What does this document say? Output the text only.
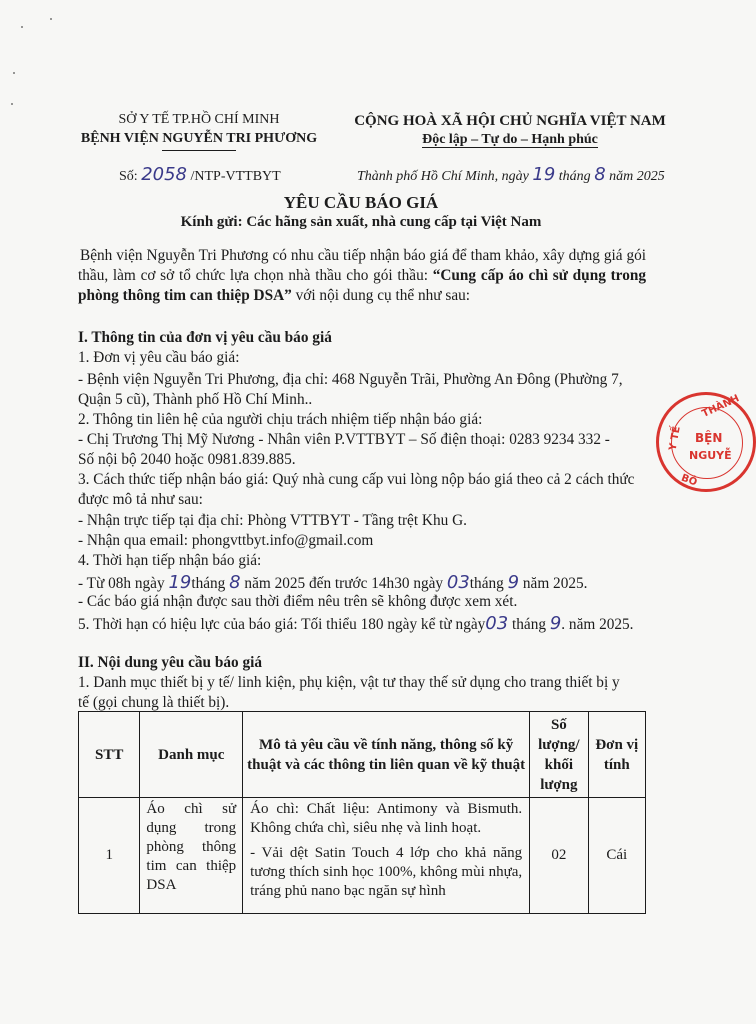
SỞ Y TẾ TP.HỒ CHÍ MINH
BỆNH VIỆN NGUYỄN TRI PHƯƠNG
CỘNG HOÀ XÃ HỘI CHỦ NGHĨA VIỆT NAM
Độc lập – Tự do – Hạnh phúc
Số: 2058 /NTP-VTTBYT	Thành phố Hồ Chí Minh, ngày 19 tháng 8 năm 2025
YÊU CẦU BÁO GIÁ
Kính gửi: Các hãng sản xuất, nhà cung cấp tại Việt Nam
Bệnh viện Nguyễn Tri Phương có nhu cầu tiếp nhận báo giá để tham khảo, xây dựng giá gói thầu, làm cơ sở tổ chức lựa chọn nhà thầu cho gói thầu: “Cung cấp áo chì sử dụng trong phòng thông tim can thiệp DSA” với nội dung cụ thể như sau:
I. Thông tin của đơn vị yêu cầu báo giá
1. Đơn vị yêu cầu báo giá:
- Bệnh viện Nguyễn Tri Phương, địa chỉ: 468 Nguyễn Trãi, Phường An Đông (Phường 7,
Quận 5 cũ), Thành phố Hồ Chí Minh..
2. Thông tin liên hệ của người chịu trách nhiệm tiếp nhận báo giá:
- Chị Trương Thị Mỹ Nương - Nhân viên P.VTTBYT – Số điện thoại: 0283 9234 332 -
Số nội bộ 2040 hoặc 0981.839.885.
3. Cách thức tiếp nhận báo giá: Quý nhà cung cấp vui lòng nộp báo giá theo cả 2 cách thức
được mô tả như sau:
- Nhận trực tiếp tại địa chỉ: Phòng VTTBYT - Tầng trệt Khu G.
- Nhận qua email: phongvttbyt.info@gmail.com
4. Thời hạn tiếp nhận báo giá:
- Từ 08h ngày 19tháng 8 năm 2025 đến trước 14h30 ngày 03tháng 9 năm 2025.
- Các báo giá nhận được sau thời điểm nêu trên sẽ không được xem xét.
5. Thời hạn có hiệu lực của báo giá: Tối thiểu 180 ngày kể từ ngày03 tháng 9. năm 2025.
II. Nội dung yêu cầu báo giá
1. Danh mục thiết bị y tế/ linh kiện, phụ kiện, vật tư thay thế sử dụng cho trang thiết bị y
tế (gọi chung là thiết bị).
STT	Danh mục	Mô tả yêu cầu về tính năng, thông số kỹ thuật và các thông tin liên quan về kỹ thuật	Số lượng/ khối lượng	Đơn vị tính
1	Áo chì sử dụng trong phòng thông tim can thiệp DSA	Áo chì: Chất liệu: Antimony và Bismuth. Không chứa chì, siêu nhẹ và linh hoạt.
- Vải dệt Satin Touch 4 lớp cho khả năng tương thích sinh học 100%, không mùi nhựa, tráng phủ nano bạc ngăn sự hình	02	Cái
THÀNH
Y TẾ BỆN
NGUYỄ
BÔ
